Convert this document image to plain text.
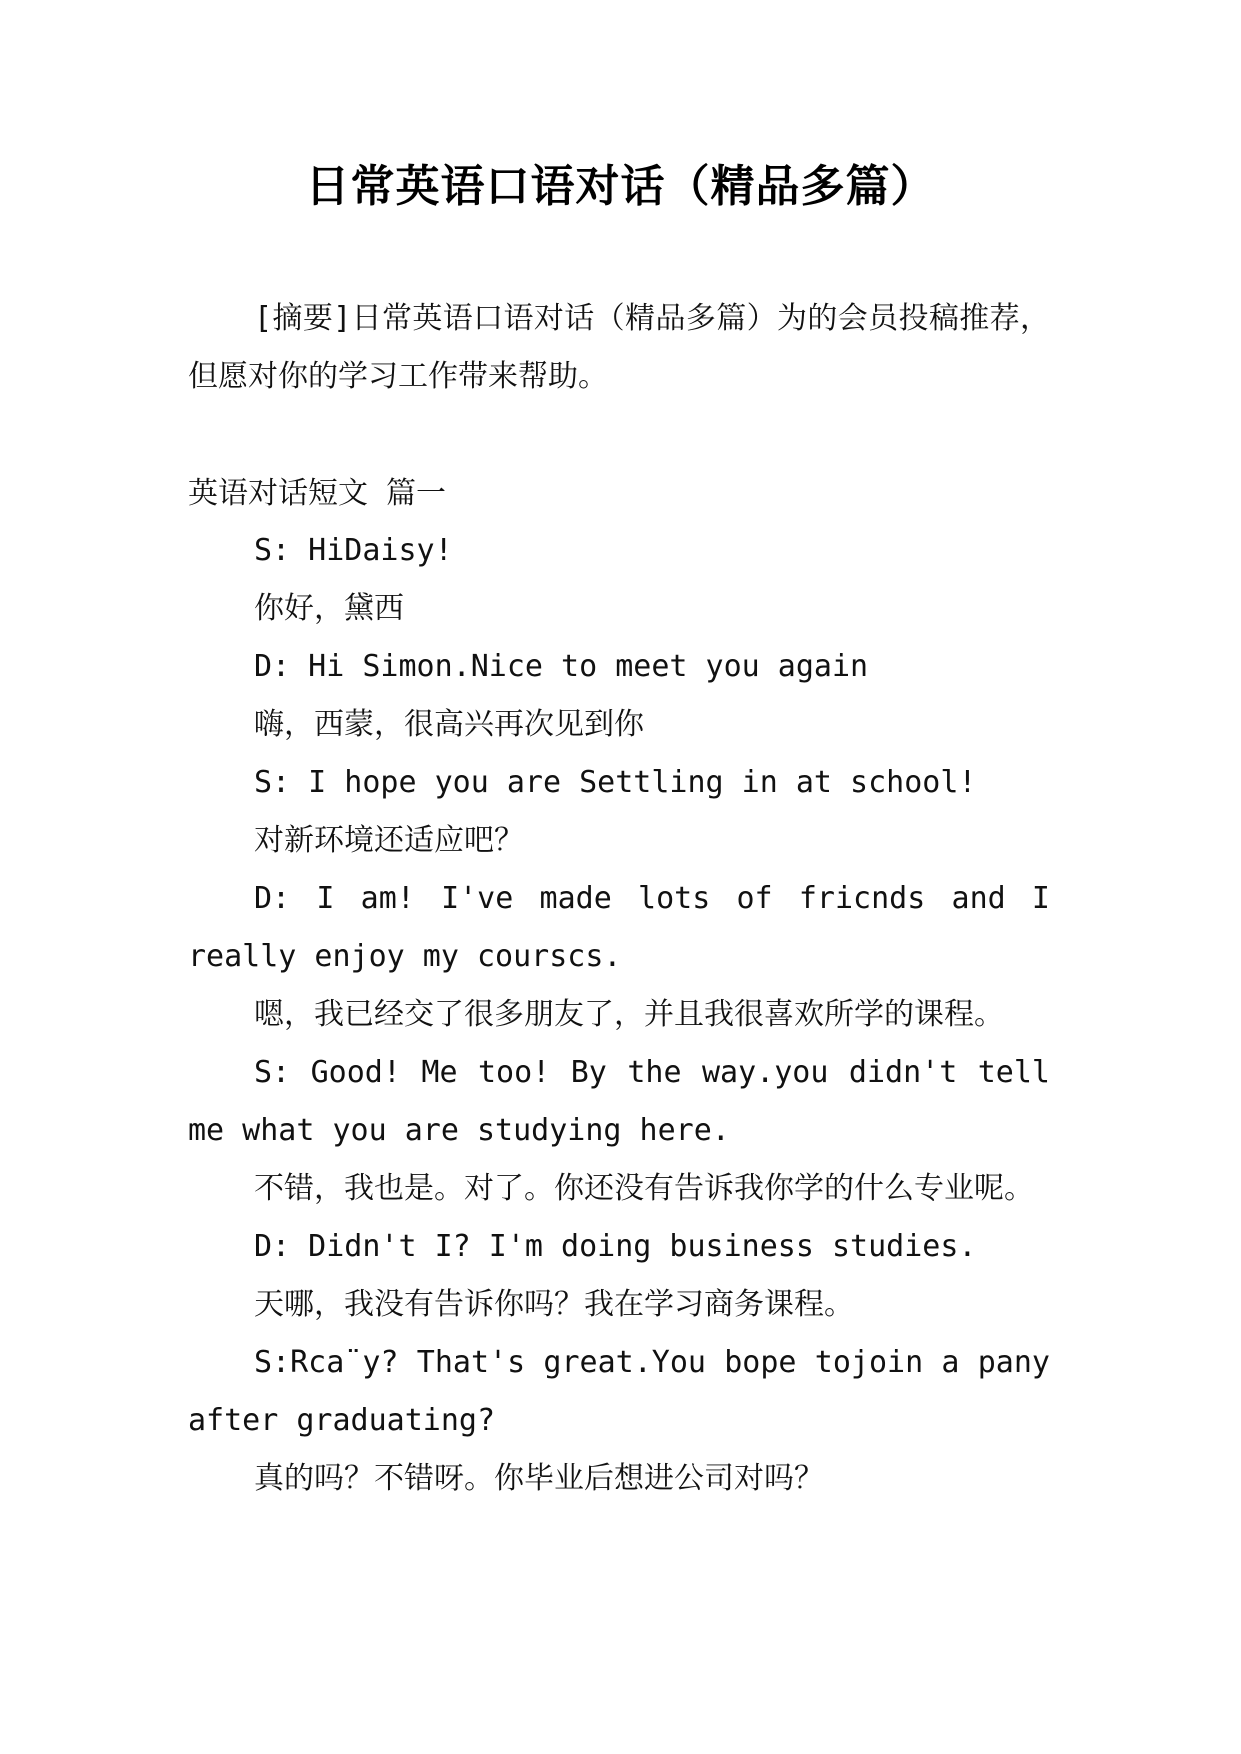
日常英语口语对话（精品多篇）

[摘要]日常英语口语对话（精品多篇）为的会员投稿推荐，但愿对你的学习工作带来帮助。

英语对话短文 篇一

S: HiDaisy!
你好，黛西
D: Hi Simon.Nice to meet you again
嗨，西蒙，很高兴再次见到你
S: I hope you are Settling in at school!
对新环境还适应吧？
D: I am! I've made lots of fricnds and I really enjoy my courscs.
嗯，我已经交了很多朋友了，并且我很喜欢所学的课程。
S: Good! Me too! By the way.you didn't tell me what you are studying here.
不错，我也是。对了。你还没有告诉我你学的什么专业呢。
D: Didn't I? I'm doing business studies.
天哪，我没有告诉你吗？我在学习商务课程。
S:Rca¨y? That's great.You bope tojoin a pany after graduating?
真的吗？不错呀。你毕业后想进公司对吗？
